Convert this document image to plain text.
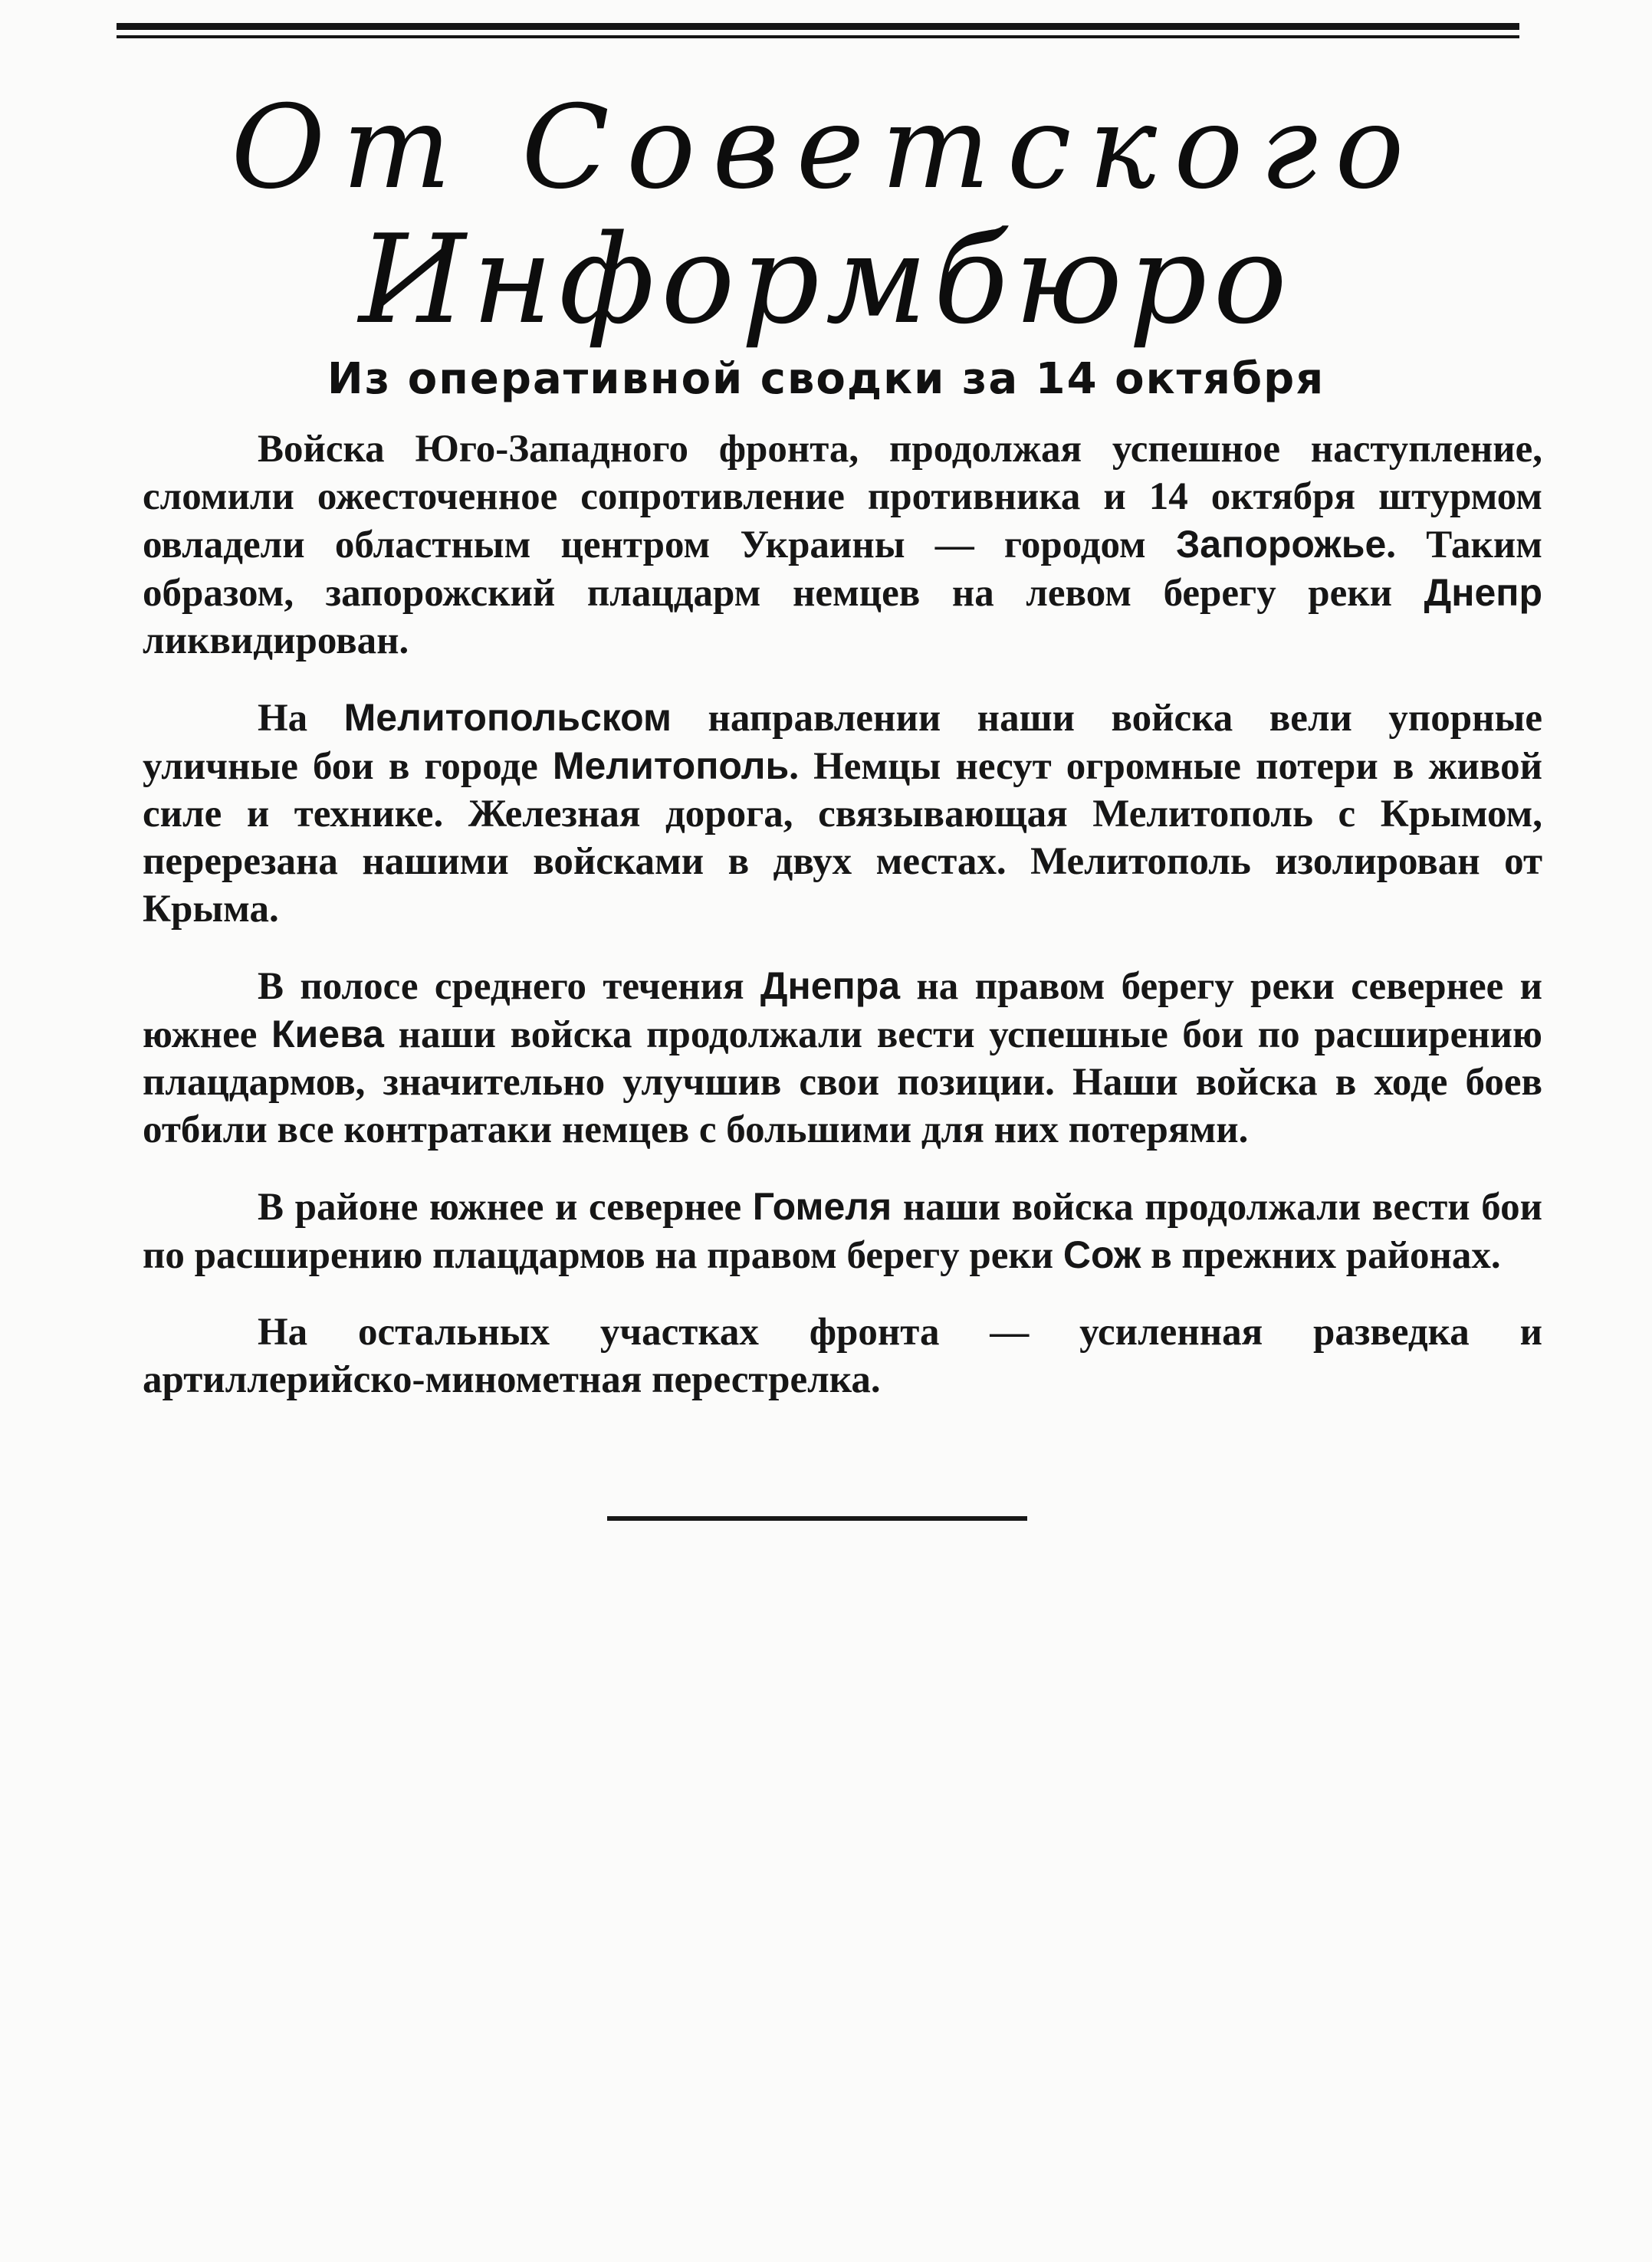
От Советского
Информбюро
Из оперативной сводки за 14 октября

Войска Юго-Западного фронта, продолжая успешное наступление, сломили ожесточенное сопротивление противника и 14 октября штурмом овладели областным центром Украины — городом Запорожье. Таким образом, запорожский плацдарм немцев на левом берегу реки Днепр ликвидирован.

На Мелитопольском направлении наши войска вели упорные уличные бои в городе Мелитополь. Немцы несут огромные потери в живой силе и технике. Железная дорога, связывающая Мелитополь с Крымом, перерезана нашими войсками в двух местах. Мелитополь изолирован от Крыма.

В полосе среднего течения Днепра на правом берегу реки севернее и южнее Киева наши войска продолжали вести успешные бои по расширению плацдармов, значительно улучшив свои позиции. Наши войска в ходе боев отбили все контратаки немцев с большими для них потерями.

В районе южнее и севернее Гомеля наши войска продолжали вести бои по расширению плацдармов на правом берегу реки Сож в прежних районах.

На остальных участках фронта — усиленная разведка и артиллерийско-минометная перестрелка.
